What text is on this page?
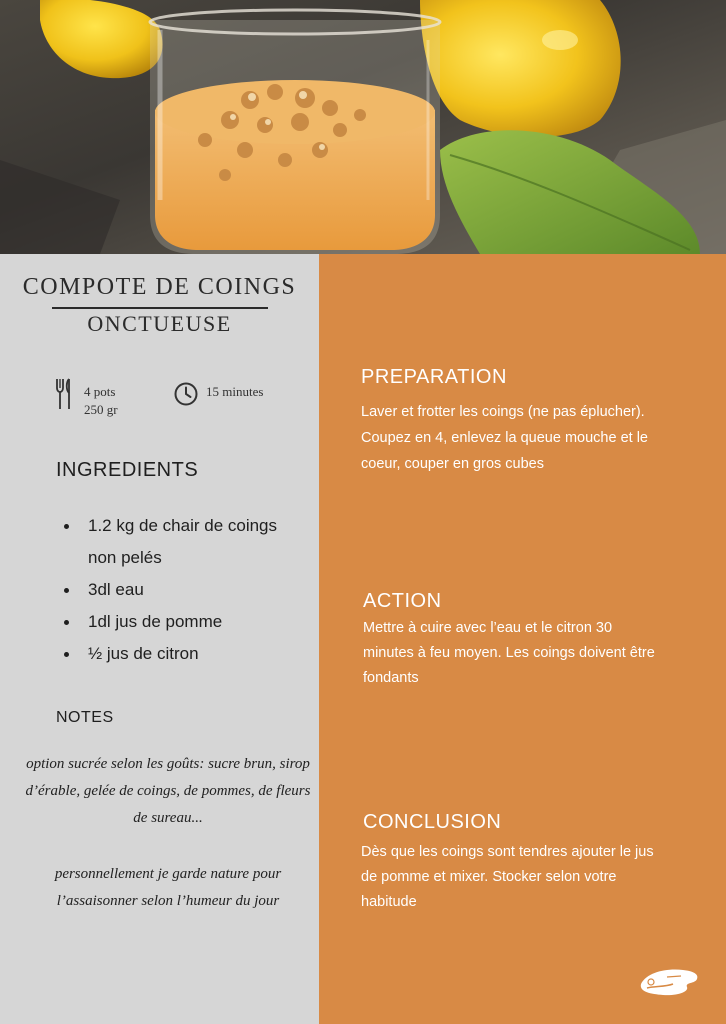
COMPOTE DE COINGS
ONCTUEUSE
4 pots
250 gr
15 minutes
INGREDIENTS
1.2 kg de chair de coings non pelés
3dl eau
1dl jus de pomme
½ jus de citron
NOTES
option sucrée selon les goûts: sucre brun, sirop d’érable, gelée de coings, de pommes, de fleurs de sureau...
personnellement je garde nature pour l’assaisonner selon l’humeur du jour
PREPARATION
Laver et frotter les coings (ne pas éplucher). Coupez en 4, enlevez la queue mouche et le coeur, couper en gros cubes
ACTION
Mettre à cuire avec l’eau et le citron 30 minutes à feu moyen. Les coings doivent être fondants
CONCLUSION
Dès que les coings sont tendres ajouter le jus de pomme et mixer. Stocker selon votre habitude
